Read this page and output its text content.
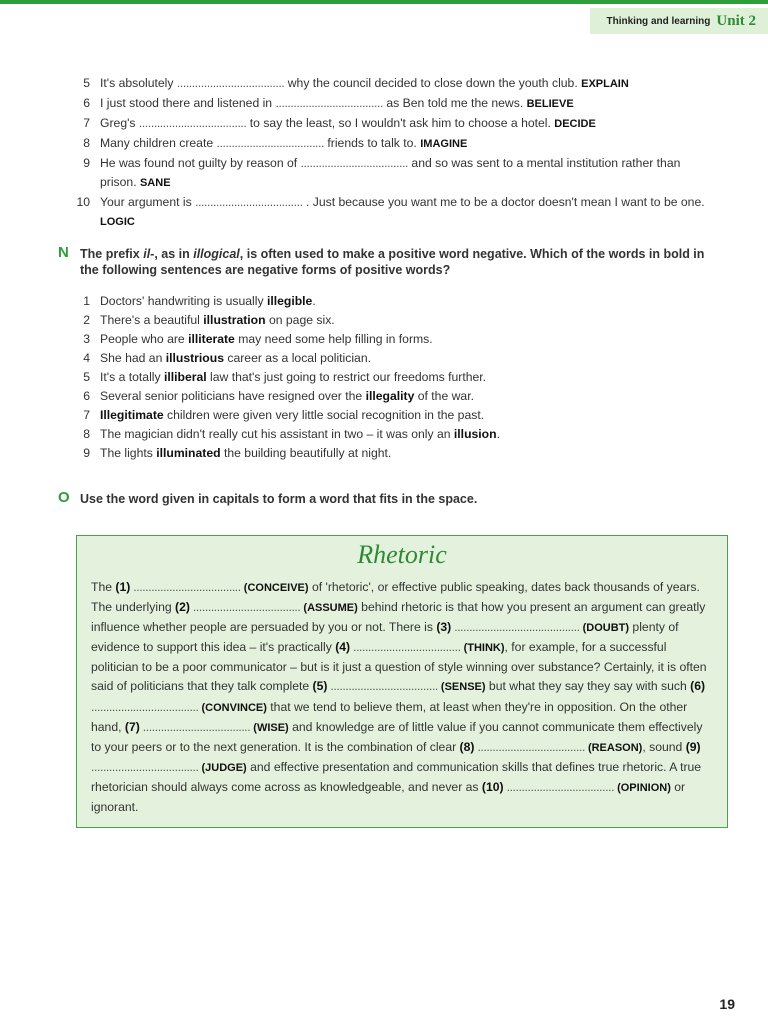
Thinking and learning Unit 2
5 It's absolutely .................................... why the council decided to close down the youth club. EXPLAIN
6 I just stood there and listened in .................................... as Ben told me the news. BELIEVE
7 Greg's .................................... to say the least, so I wouldn't ask him to choose a hotel. DECIDE
8 Many children create .................................... friends to talk to. IMAGINE
9 He was found not guilty by reason of .................................... and so was sent to a mental institution rather than prison. SANE
10 Your argument is .................................... . Just because you want me to be a doctor doesn't mean I want to be one. LOGIC
N The prefix il-, as in illogical, is often used to make a positive word negative. Which of the words in bold in the following sentences are negative forms of positive words?
1 Doctors' handwriting is usually illegible.
2 There's a beautiful illustration on page six.
3 People who are illiterate may need some help filling in forms.
4 She had an illustrious career as a local politician.
5 It's a totally illiberal law that's just going to restrict our freedoms further.
6 Several senior politicians have resigned over the illegality of the war.
7 Illegitimate children were given very little social recognition in the past.
8 The magician didn't really cut his assistant in two – it was only an illusion.
9 The lights illuminated the building beautifully at night.
O Use the word given in capitals to form a word that fits in the space.
Rhetoric
The (1) .................................... (CONCEIVE) of 'rhetoric', or effective public speaking, dates back thousands of years. The underlying (2) .................................... (ASSUME) behind rhetoric is that how you present an argument can greatly influence whether people are persuaded by you or not. There is (3) .......................................... (DOUBT) plenty of evidence to support this idea – it's practically (4) .................................... (THINK), for example, for a successful politician to be a poor communicator – but is it just a question of style winning over substance? Certainly, it is often said of politicians that they talk complete (5) .................................... (SENSE) but what they say they say with such (6) .................................... (CONVINCE) that we tend to believe them, at least when they're in opposition. On the other hand, (7) .................................... (WISE) and knowledge are of little value if you cannot communicate them effectively to your peers or to the next generation. It is the combination of clear (8) .................................... (REASON), sound (9) .................................... (JUDGE) and effective presentation and communication skills that defines true rhetoric. A true rhetorician should always come across as knowledgeable, and never as (10) .................................... (OPINION) or ignorant.
19
